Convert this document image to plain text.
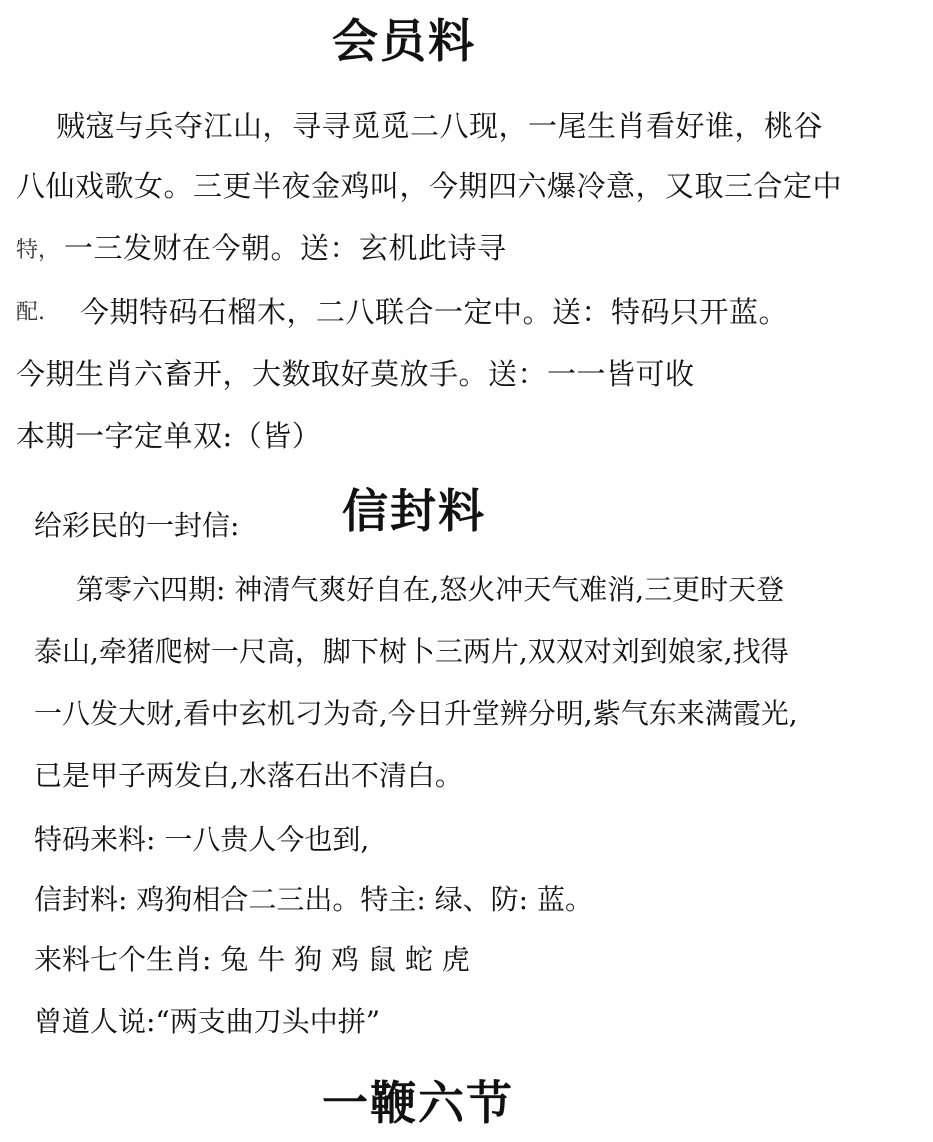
会员料

贼寇与兵夺江山，寻寻觅觅二八现，一尾生肖看好谁，桃谷

八仙戏歌女。三更半夜金鸡叫，今期四六爆冷意，又取三合定中

特， 一三发财在今朝。送：玄机此诗寻

配. 今期特码石榴木，二八联合一定中。送：特码只开蓝。

今期生肖六畜开，大数取好莫放手。送：一一皆可收

本期一字定单双:（皆）

给彩民的一封信: 信封料

第零六四期: 神清气爽好自在,怒火冲天气难消,三更时天登

泰山,牵猪爬树一尺高，脚下树卜三两片,双双对刘到娘家,找得

一八发大财,看中玄机刁为奇,今日升堂辨分明,紫气东来满霞光,

已是甲子两发白,水落石出不清白。

特码来料: 一八贵人今也到,

信封料: 鸡狗相合二三出。特主: 绿、防: 蓝。

来料七个生肖: 兔 牛 狗 鸡 鼠 蛇 虎

曾道人说:“两支曲刀头中拼”

一鞭六节
